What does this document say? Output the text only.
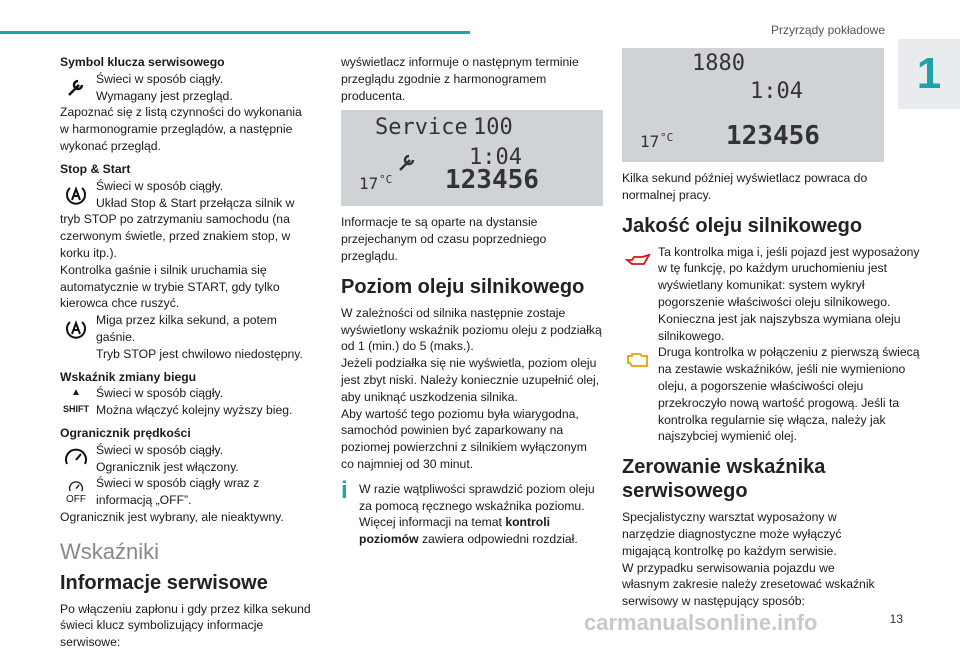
Przyrządy pokładowe
1

Symbol klucza serwisowego

Świeci w sposób ciągły.

Wymagany jest przegląd.

Zapoznać się z listą czynności do wykonania w harmonogramie przeglądów, a następnie wykonać przegląd.

Stop & Start

Świeci w sposób ciągły.

Układ Stop & Start przełącza silnik w tryb STOP po zatrzymaniu samochodu (na czerwonym świetle, przed znakiem stop, w korku itp.).

Kontrolka gaśnie i silnik uruchamia się automatycznie w trybie START, gdy tylko kierowca chce ruszyć.

Miga przez kilka sekund, a potem gaśnie.

Tryb STOP jest chwilowo niedostępny.

Wskaźnik zmiany biegu

▲
SHIFT

Świeci w sposób ciągły.

Można włączyć kolejny wyższy bieg.

Ogranicznik prędkości

Świeci w sposób ciągły.

Ogranicznik jest włączony.

OFF

Świeci w sposób ciągły wraz z informacją „OFF”.

Ogranicznik jest wybrany, ale nieaktywny.

Wskaźniki
Informacje serwisowe

Po włączeniu zapłonu i gdy przez kilka sekund świeci klucz symbolizujący informacje serwisowe:

wyświetlacz informuje o następnym terminie przeglądu zgodnie z harmonogramem producenta.

Service 100
1:04
17 °C 123456

Informacje te są oparte na dystansie przejechanym od czasu poprzedniego przeglądu.

Poziom oleju silnikowego

W zależności od silnika następnie zostaje wyświetlony wskaźnik poziomu oleju z podziałką od 1 (min.) do 5 (maks.).

Jeżeli podziałka się nie wyświetla, poziom oleju jest zbyt niski. Należy koniecznie uzupełnić olej, aby uniknąć uszkodzenia silnika.

Aby wartość tego poziomu była wiarygodna, samochód powinien być zaparkowany na poziomej powierzchni z silnikiem wyłączonym co najmniej od 30 minut.

i W razie wątpliwości sprawdzić poziom oleju za pomocą ręcznego wskaźnika poziomu.

Więcej informacji na temat kontroli poziomów zawiera odpowiedni rozdział.

1880
1:04
17 °C 123456

Kilka sekund później wyświetlacz powraca do normalnej pracy.

Jakość oleju silnikowego

Ta kontrolka miga i, jeśli pojazd jest wyposażony w tę funkcję, po każdym uruchomieniu jest wyświetlany komunikat: system wykrył pogorszenie właściwości oleju silnikowego. Konieczna jest jak najszybsza wymiana oleju silnikowego.

Druga kontrolka w połączeniu z pierwszą świecą na zestawie wskaźników, jeśli nie wymieniono oleju, a pogorszenie właściwości oleju przekroczyło nową wartość progową. Jeśli ta kontrolka regularnie się włącza, należy jak najszybciej wymienić olej.

Zerowanie wskaźnika serwisowego

Specjalistyczny warsztat wyposażony w narzędzie diagnostyczne może wyłączyć migającą kontrolkę po każdym serwisie.

W przypadku serwisowania pojazdu we własnym zakresie należy zresetować wskaźnik serwisowy w następujący sposób:

carmanualsonline.info	13
